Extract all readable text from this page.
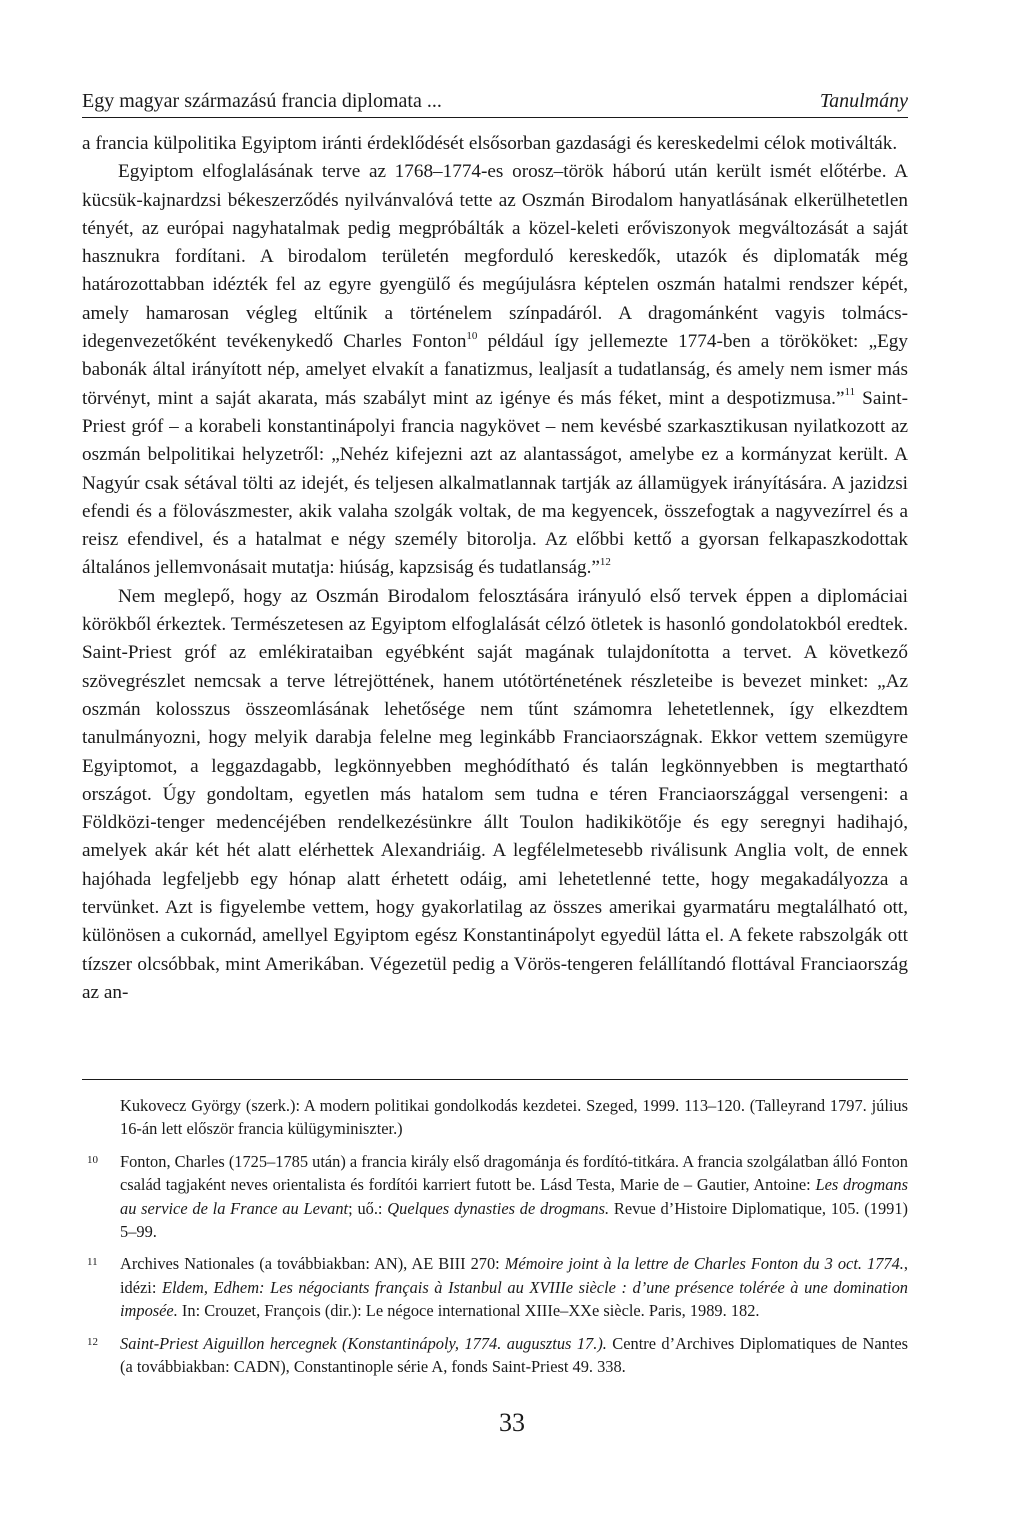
Egy magyar származású francia diplomata ...	Tanulmány

a francia külpolitika Egyiptom iránti érdeklődését elsősorban gazdasági és kereskedelmi célok motiválták.

Egyiptom elfoglalásának terve az 1768–1774-es orosz–török háború után került ismét előtérbe. A kücsük-kajnardzsi békeszerződés nyilvánvalóvá tette az Oszmán Birodalom hanyatlásának elkerülhetetlen tényét, az európai nagyhatalmak pedig megpróbálták a közel-keleti erőviszonyok megváltozását a saját hasznukra fordítani. A birodalom területén megforduló kereskedők, utazók és diplomaták még határozottabban idézték fel az egyre gyengülő és megújulásra képtelen oszmán hatalmi rendszer képét, amely hamarosan végleg eltűnik a történelem színpadáról. A dragománként vagyis tolmács-idegenvezetőként tevékenykedő Charles Fonton$^{10}$ például így jellemezte 1774-ben a törököket: „Egy babonák által irányított nép, amelyet elvakít a fanatizmus, lealjasít a tudatlanság, és amely nem ismer más törvényt, mint a saját akarata, más szabályt mint az igénye és más féket, mint a despotizmusa.”$^{11}$ Saint-Priest gróf – a korabeli konstantinápolyi francia nagykövet – nem kevésbé szarkasztikusan nyilatkozott az oszmán belpolitikai helyzetről: „Nehéz kifejezni azt az alantasságot, amelybe ez a kormányzat került. A Nagyúr csak sétával tölti az idejét, és teljesen alkalmatlannak tartják az államügyek irányítására. A jazidzsi efendi és a fölovászmester, akik valaha szolgák voltak, de ma kegyencek, összefogtak a nagyvezírrel és a reisz efendivel, és a hatalmat e négy személy bitorolja. Az előbbi kettő a gyorsan felkapaszkodottak általános jellemvonásait mutatja: hiúság, kapzsiság és tudatlanság.”$^{12}$

Nem meglepő, hogy az Oszmán Birodalom felosztására irányuló első tervek éppen a diplomáciai körökből érkeztek. Természetesen az Egyiptom elfoglalását célzó ötletek is hasonló gondolatokból eredtek. Saint-Priest gróf az emlékirataiban egyébként saját magának tulajdonította a tervet. A következő szövegrészlet nemcsak a terve létrejöttének, hanem utótörténetének részleteibe is bevezet minket: „Az oszmán kolosszus összeomlásának lehetősége nem tűnt számomra lehetetlennek, így elkezdtem tanulmányozni, hogy melyik darabja felelne meg leginkább Franciaországnak. Ekkor vettem szemügyre Egyiptomot, a leggazdagabb, legkönnyebben meghódítható és talán legkönnyebben is megtartható országot. Úgy gondoltam, egyetlen más hatalom sem tudna e téren Franciaországgal versengeni: a Földközi-tenger medencéjében rendelkezésünkre állt Toulon hadikikötője és egy seregnyi hadihajó, amelyek akár két hét alatt elérhettek Alexandriáig. A legfélelmetesebb riválisunk Anglia volt, de ennek hajóhada legfeljebb egy hónap alatt érhetett odáig, ami lehetetlenné tette, hogy megakadályozza a tervünket. Azt is figyelembe vettem, hogy gyakorlatilag az összes amerikai gyarmatáru megtalálható ott, különösen a cukornád, amellyel Egyiptom egész Konstantinápolyt egyedül látta el. A fekete rabszolgák ott tízszer olcsóbbak, mint Amerikában. Végezetül pedig a Vörös-tengeren felállítandó flottával Franciaország az an-

Kukovecz György (szerk.): A modern politikai gondolkodás kezdetei. Szeged, 1999. 113–120. (Talleyrand 1797. július 16-án lett először francia külügyminiszter.)

10 Fonton, Charles (1725–1785 után) a francia király első dragománja és fordító-titkára. A francia szolgálatban álló Fonton család tagjaként neves orientalista és fordítói karriert futott be. Lásd Testa, Marie de – Gautier, Antoine: Les drogmans au service de la France au Levant; uő.: Quelques dynasties de drogmans. Revue d’Histoire Diplomatique, 105. (1991) 5–99.

11 Archives Nationales (a továbbiakban: AN), AE BIII 270: Mémoire joint à la lettre de Charles Fonton du 3 oct. 1774., idézi: Eldem, Edhem: Les négociants français à Istanbul au XVIIIe siècle : d’une présence tolérée à une domination imposée. In: Crouzet, François (dir.): Le négoce international XIIIe–XXe siècle. Paris, 1989. 182.

12 Saint-Priest Aiguillon hercegnek (Konstantinápoly, 1774. augusztus 17.). Centre d’Archives Diplomatiques de Nantes (a továbbiakban: CADN), Constantinople série A, fonds Saint-Priest 49. 338.

33
